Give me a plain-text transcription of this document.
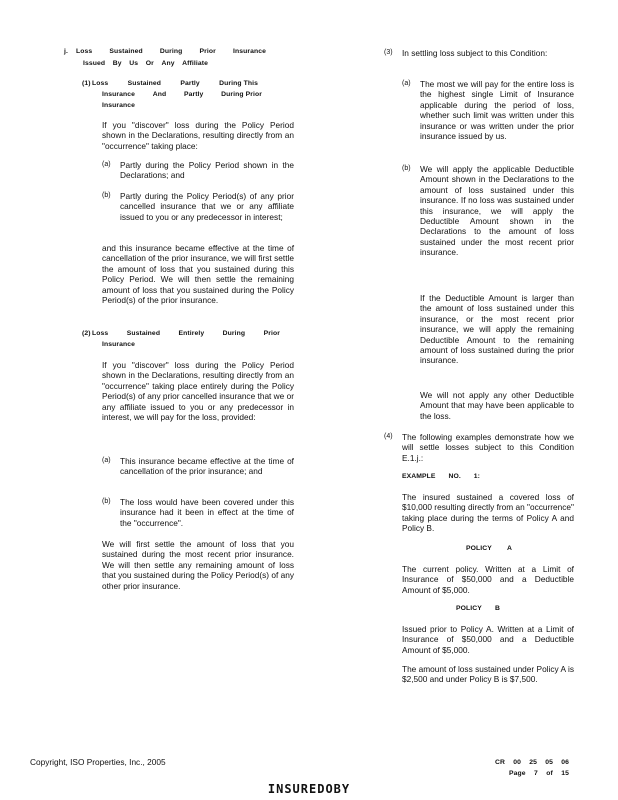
j. Loss	Sustained	During	Prior	Insurance
Issued By Us Or Any Affiliate
(1) Loss	Sustained	Partly	During This
Insurance	And	Partly	During Prior
Insurance

If you "discover" loss during the Policy Period shown in the Declarations, resulting directly from an "occurrence" taking place:

(a) Partly during the Policy Period shown in the Declarations; and

(b) Partly during the Policy Period(s) of any prior cancelled insurance that we or any affiliate issued to you or any predecessor in interest;

and this insurance became effective at the time of cancellation of the prior insurance, we will first settle the amount of loss that you sustained during this Policy Period. We will then settle the remaining amount of loss that you sustained during the Policy Period(s) of the prior insurance.

(2) Loss	Sustained	Entirely	During	Prior
Insurance

If you "discover" loss during the Policy Period shown in the Declarations, resulting directly from an "occurrence" taking place entirely during the Policy Period(s) of any prior cancelled insurance that we or any affiliate issued to you or any predecessor in interest, we will pay for the loss, provided:

(a) This insurance became effective at the time of cancellation of the prior insurance; and

(b) The loss would have been covered under this insurance had it been in effect at the time of the "occurrence".

We will first settle the amount of loss that you sustained during the most recent prior insurance. We will then settle any remaining amount of loss that you sustained during the Policy Period(s) of any other prior insurance.

(3) In settling loss subject to this Condition:

(a) The most we will pay for the entire loss is the highest single Limit of Insurance applicable during the period of loss, whether such limit was written under this insurance or was written under the prior insurance issued by us.

(b) We will apply the applicable Deductible Amount shown in the Declarations to the amount of loss sustained under this insurance. If no loss was sustained under this insurance, we will apply the Deductible Amount shown in the Declarations to the amount of loss sustained under the most recent prior insurance.

If the Deductible Amount is larger than the amount of loss sustained under this insurance, or the most recent prior insurance, we will apply the remaining Deductible Amount to the remaining amount of loss sustained during the prior insurance.

We will not apply any other Deductible Amount that may have been applicable to the loss.

(4) The following examples demonstrate how we will settle losses subject to this Condition E.1.j.:

EXAMPLE NO. 1:

The insured sustained a covered loss of $10,000 resulting directly from an "occurrence" taking place during the terms of Policy A and Policy B.

POLICY A

The current policy. Written at a Limit of Insurance of $50,000 and a Deductible Amount of $5,000.

POLICY B

Issued prior to Policy A. Written at a Limit of Insurance of $50,000 and a Deductible Amount of $5,000.

The amount of loss sustained under Policy A is $2,500 and under Policy B is $7,500.

Copyright, ISO Properties, Inc., 2005	CR 00 25 05 06
Page 7 of 15
INSUREDOBY
